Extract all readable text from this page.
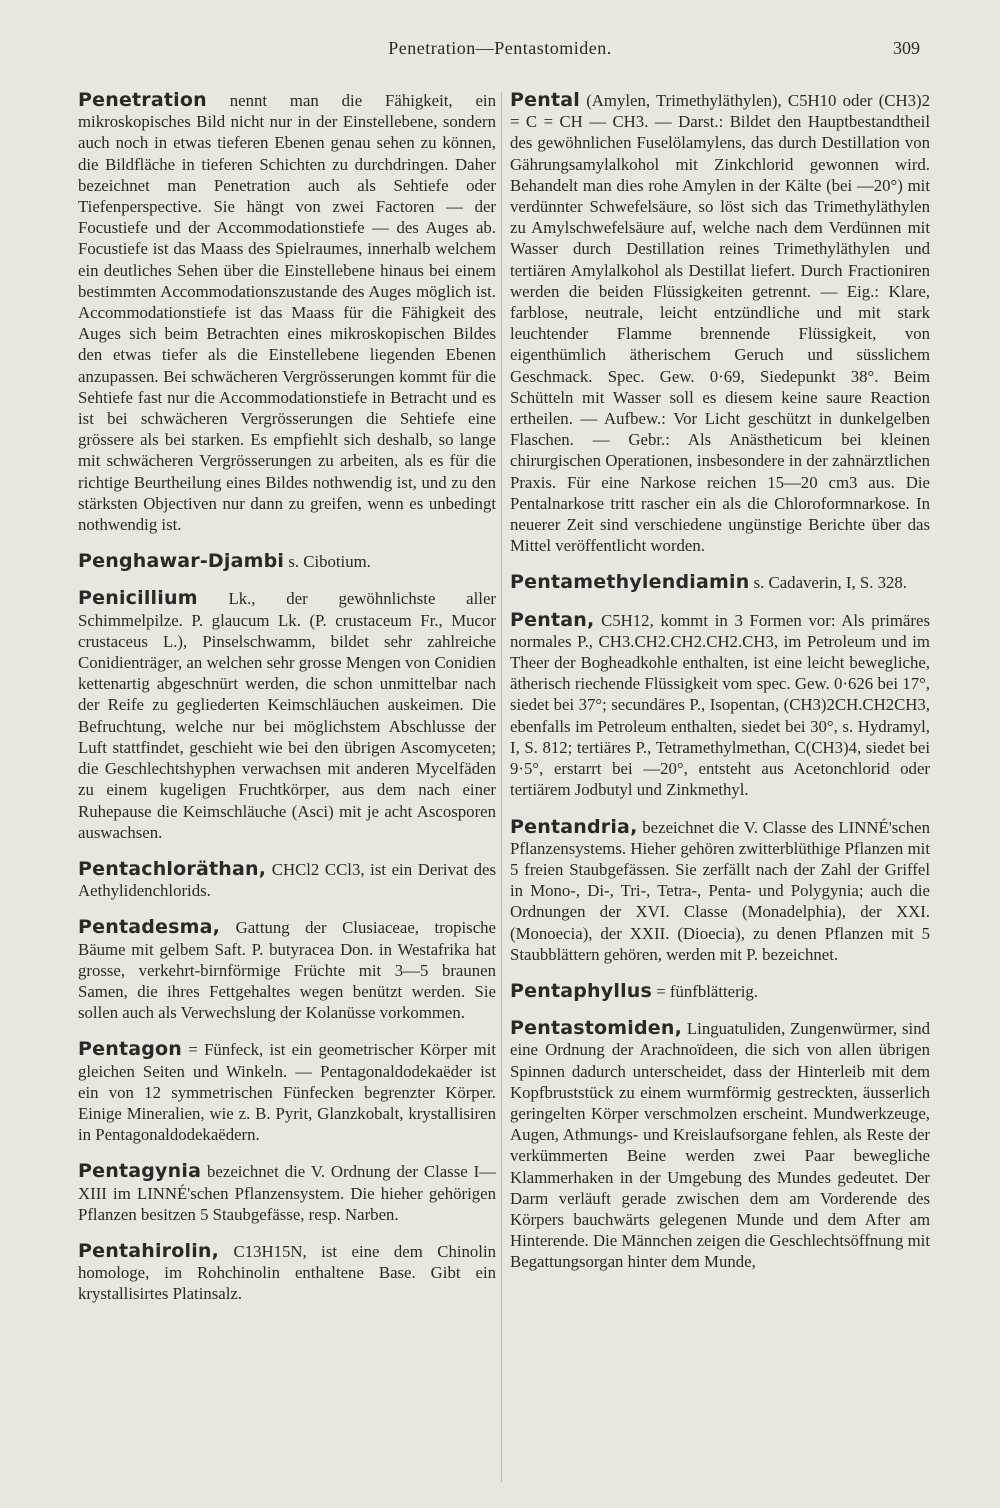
Penetration—Pentastomiden.	309

Penetration nennt man die Fähigkeit, ein mikroskopisches Bild nicht nur in der Einstellebene, sondern auch noch in etwas tieferen Ebenen genau sehen zu können, die Bildfläche in tieferen Schichten zu durchdringen. Daher bezeichnet man Penetration auch als Sehtiefe oder Tiefenperspective. Sie hängt von zwei Factoren — der Focustiefe und der Accommodationstiefe — des Auges ab. Focustiefe ist das Maass des Spielraumes, innerhalb welchem ein deutliches Sehen über die Einstellebene hinaus bei einem bestimmten Accommodationszustande des Auges möglich ist. Accommodationstiefe ist das Maass für die Fähigkeit des Auges sich beim Betrachten eines mikroskopischen Bildes den etwas tiefer als die Einstellebene liegenden Ebenen anzupassen. Bei schwächeren Vergrösserungen kommt für die Sehtiefe fast nur die Accommodationstiefe in Betracht und es ist bei schwächeren Vergrösserungen die Sehtiefe eine grössere als bei starken. Es empfiehlt sich deshalb, so lange mit schwächeren Vergrösserungen zu arbeiten, als es für die richtige Beurtheilung eines Bildes nothwendig ist, und zu den stärksten Objectiven nur dann zu greifen, wenn es unbedingt nothwendig ist.

Penghawar-Djambi s. Cibotium.

Penicillium Lk., der gewöhnlichste aller Schimmelpilze. P. glaucum Lk. (P. crustaceum Fr., Mucor crustaceus L.), Pinselschwamm, bildet sehr zahlreiche Conidienträger, an welchen sehr grosse Mengen von Conidien kettenartig abgeschnürt werden, die schon unmittelbar nach der Reife zu gegliederten Keimschläuchen auskeimen. Die Befruchtung, welche nur bei möglichstem Abschlusse der Luft stattfindet, geschieht wie bei den übrigen Ascomyceten; die Geschlechtshyphen verwachsen mit anderen Mycelfäden zu einem kugeligen Fruchtkörper, aus dem nach einer Ruhepause die Keimschläuche (Asci) mit je acht Ascosporen auswachsen.

Pentachloräthan, CHCl2 CCl3, ist ein Derivat des Aethylidenchlorids.

Pentadesma, Gattung der Clusiaceae, tropische Bäume mit gelbem Saft. P. butyracea Don. in Westafrika hat grosse, verkehrt-birnförmige Früchte mit 3—5 braunen Samen, die ihres Fettgehaltes wegen benützt werden. Sie sollen auch als Verwechslung der Kolanüsse vorkommen.

Pentagon = Fünfeck, ist ein geometrischer Körper mit gleichen Seiten und Winkeln. — Pentagonaldodekaëder ist ein von 12 symmetrischen Fünfecken begrenzter Körper. Einige Mineralien, wie z. B. Pyrit, Glanzkobalt, krystallisiren in Pentagonaldodekaëdern.

Pentagynia bezeichnet die V. Ordnung der Classe I—XIII im LINNÉ'schen Pflanzensystem. Die hieher gehörigen Pflanzen besitzen 5 Staubgefässe, resp. Narben.

Pentahirolin, C13H15N, ist eine dem Chinolin homologe, im Rohchinolin enthaltene Base. Gibt ein krystallisirtes Platinsalz.

Pental (Amylen, Trimethyläthylen), C5H10 oder (CH3)2 = C = CH — CH3. — Darst.: Bildet den Hauptbestandtheil des gewöhnlichen Fuselölamylens, das durch Destillation von Gährungsamylalkohol mit Zinkchlorid gewonnen wird. Behandelt man dies rohe Amylen in der Kälte (bei —20°) mit verdünnter Schwefelsäure, so löst sich das Trimethyläthylen zu Amylschwefelsäure auf, welche nach dem Verdünnen mit Wasser durch Destillation reines Trimethyläthylen und tertiären Amylalkohol als Destillat liefert. Durch Fractioniren werden die beiden Flüssigkeiten getrennt. — Eig.: Klare, farblose, neutrale, leicht entzündliche und mit stark leuchtender Flamme brennende Flüssigkeit, von eigenthümlich ätherischem Geruch und süsslichem Geschmack. Spec. Gew. 0·69, Siedepunkt 38°. Beim Schütteln mit Wasser soll es diesem keine saure Reaction ertheilen. — Aufbew.: Vor Licht geschützt in dunkelgelben Flaschen. — Gebr.: Als Anästheticum bei kleinen chirurgischen Operationen, insbesondere in der zahnärztlichen Praxis. Für eine Narkose reichen 15—20 cm3 aus. Die Pentalnarkose tritt rascher ein als die Chloroformnarkose. In neuerer Zeit sind verschiedene ungünstige Berichte über das Mittel veröffentlicht worden.

Pentamethylendiamin s. Cadaverin, I, S. 328.

Pentan, C5H12, kommt in 3 Formen vor: Als primäres normales P., CH3.CH2.CH2.CH2.CH3, im Petroleum und im Theer der Bogheadkohle enthalten, ist eine leicht bewegliche, ätherisch riechende Flüssigkeit vom spec. Gew. 0·626 bei 17°, siedet bei 37°; secundäres P., Isopentan, (CH3)2CH.CH2CH3, ebenfalls im Petroleum enthalten, siedet bei 30°, s. Hydramyl, I, S. 812; tertiäres P., Tetramethylmethan, C(CH3)4, siedet bei 9·5°, erstarrt bei —20°, entsteht aus Acetonchlorid oder tertiärem Jodbutyl und Zinkmethyl.

Pentandria, bezeichnet die V. Classe des LINNÉ'schen Pflanzensystems. Hieher gehören zwitterblüthige Pflanzen mit 5 freien Staubgefässen. Sie zerfällt nach der Zahl der Griffel in Mono-, Di-, Tri-, Tetra-, Penta- und Polygynia; auch die Ordnungen der XVI. Classe (Monadelphia), der XXI. (Monoecia), der XXII. (Dioecia), zu denen Pflanzen mit 5 Staubblättern gehören, werden mit P. bezeichnet.

Pentaphyllus = fünfblätterig.

Pentastomiden, Linguatuliden, Zungenwürmer, sind eine Ordnung der Arachnoïdeen, die sich von allen übrigen Spinnen dadurch unterscheidet, dass der Hinterleib mit dem Kopfbruststück zu einem wurmförmig gestreckten, äusserlich geringelten Körper verschmolzen erscheint. Mundwerkzeuge, Augen, Athmungs- und Kreislaufsorgane fehlen, als Reste der verkümmerten Beine werden zwei Paar bewegliche Klammerhaken in der Umgebung des Mundes gedeutet. Der Darm verläuft gerade zwischen dem am Vorderende des Körpers bauchwärts gelegenen Munde und dem After am Hinterende. Die Männchen zeigen die Geschlechtsöffnung mit Begattungsorgan hinter dem Munde,
